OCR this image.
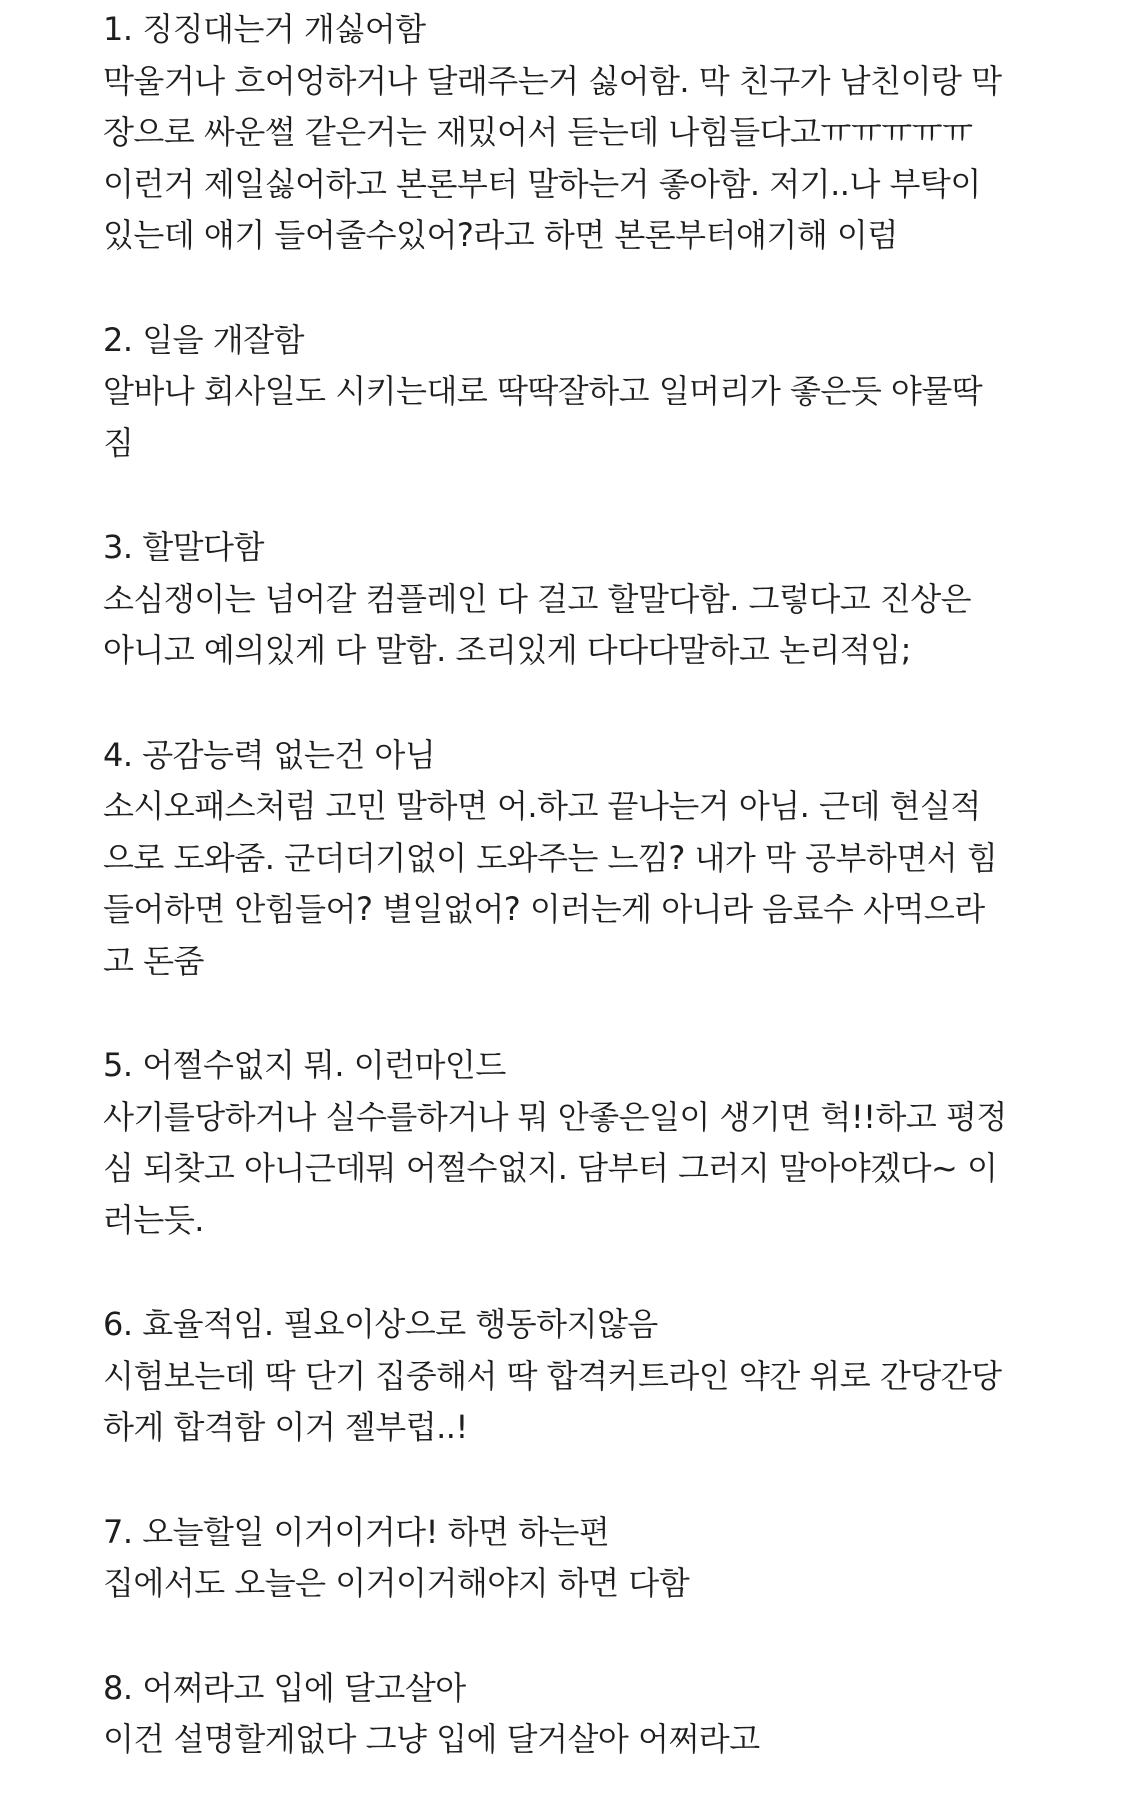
1. 징징대는거 개싫어함
막울거나 흐어엉하거나 달래주는거 싫어함. 막 친구가 남친이랑 막
장으로 싸운썰 같은거는 재밌어서 듣는데 나힘들다고ㅠㅠㅠㅠㅠ
이런거 제일싫어하고 본론부터 말하는거 좋아함. 저기..나 부탁이
있는데 얘기 들어줄수있어?라고 하면 본론부터얘기해 이럼
2. 일을 개잘함
알바나 회사일도 시키는대로 딱딱잘하고 일머리가 좋은듯 야물딱
짐
3. 할말다함
소심쟁이는 넘어갈 컴플레인 다 걸고 할말다함. 그렇다고 진상은
아니고 예의있게 다 말함. 조리있게 다다다말하고 논리적임;
4. 공감능력 없는건 아님
소시오패스처럼 고민 말하면 어.하고 끝나는거 아님. 근데 현실적
으로 도와줌. 군더더기없이 도와주는 느낌? 내가 막 공부하면서 힘
들어하면 안힘들어? 별일없어? 이러는게 아니라 음료수 사먹으라
고 돈줌
5. 어쩔수없지 뭐. 이런마인드
사기를당하거나 실수를하거나 뭐 안좋은일이 생기면 헉!!하고 평정
심 되찾고 아니근데뭐 어쩔수없지. 담부터 그러지 말아야겠다~ 이
러는듯.
6. 효율적임. 필요이상으로 행동하지않음
시험보는데 딱 단기 집중해서 딱 합격커트라인 약간 위로 간당간당
하게 합격함 이거 젤부럽..!
7. 오늘할일 이거이거다! 하면 하는편
집에서도 오늘은 이거이거해야지 하면 다함
8. 어쩌라고 입에 달고살아
이건 설명할게없다 그냥 입에 달거살아 어쩌라고
